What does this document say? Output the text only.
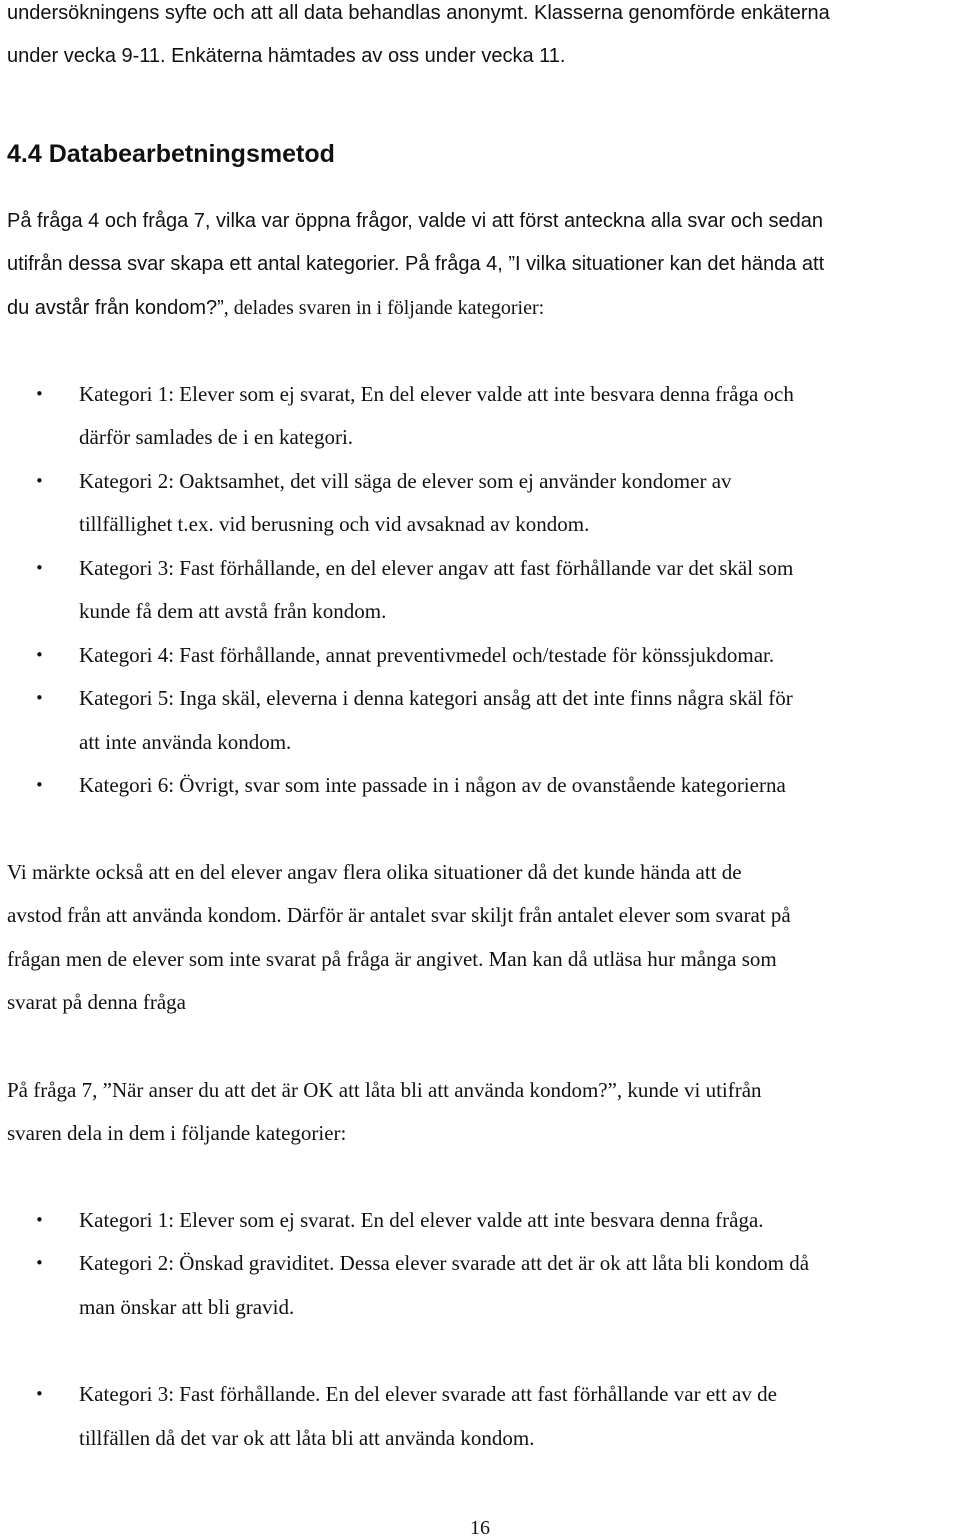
undersökningens syfte och att all data behandlas anonymt. Klasserna genomförde enkäterna
under vecka 9-11. Enkäterna hämtades av oss under vecka 11.
4.4 Databearbetningsmetod
På fråga 4 och fråga 7, vilka var öppna frågor, valde vi att först anteckna alla svar och sedan
utifrån dessa svar skapa ett antal kategorier. På fråga 4, ”I vilka situationer kan det hända att
du avstår från kondom?”, delades svaren in i följande kategorier:
• Kategori 1: Elever som ej svarat, En del elever valde att inte besvara denna fråga och
därför samlades de i en kategori.
• Kategori 2: Oaktsamhet, det vill säga de elever som ej använder kondomer av
tillfällighet t.ex. vid berusning och vid avsaknad av kondom.
• Kategori 3: Fast förhållande, en del elever angav att fast förhållande var det skäl som
kunde få dem att avstå från kondom.
• Kategori 4: Fast förhållande, annat preventivmedel och/testade för könssjukdomar.
• Kategori 5: Inga skäl, eleverna i denna kategori ansåg att det inte finns några skäl för
att inte använda kondom.
• Kategori 6: Övrigt, svar som inte passade in i någon av de ovanstående kategorierna
Vi märkte också att en del elever angav flera olika situationer då det kunde hända att de
avstod från att använda kondom. Därför är antalet svar skiljt från antalet elever som svarat på
frågan men de elever som inte svarat på fråga är angivet. Man kan då utläsa hur många som
svarat på denna fråga
På fråga 7, ”När anser du att det är OK att låta bli att använda kondom?”, kunde vi utifrån
svaren dela in dem i följande kategorier:
• Kategori 1: Elever som ej svarat. En del elever valde att inte besvara denna fråga.
• Kategori 2: Önskad graviditet. Dessa elever svarade att det är ok att låta bli kondom då
man önskar att bli gravid.
• Kategori 3: Fast förhållande. En del elever svarade att fast förhållande var ett av de
tillfällen då det var ok att låta bli att använda kondom.
16
